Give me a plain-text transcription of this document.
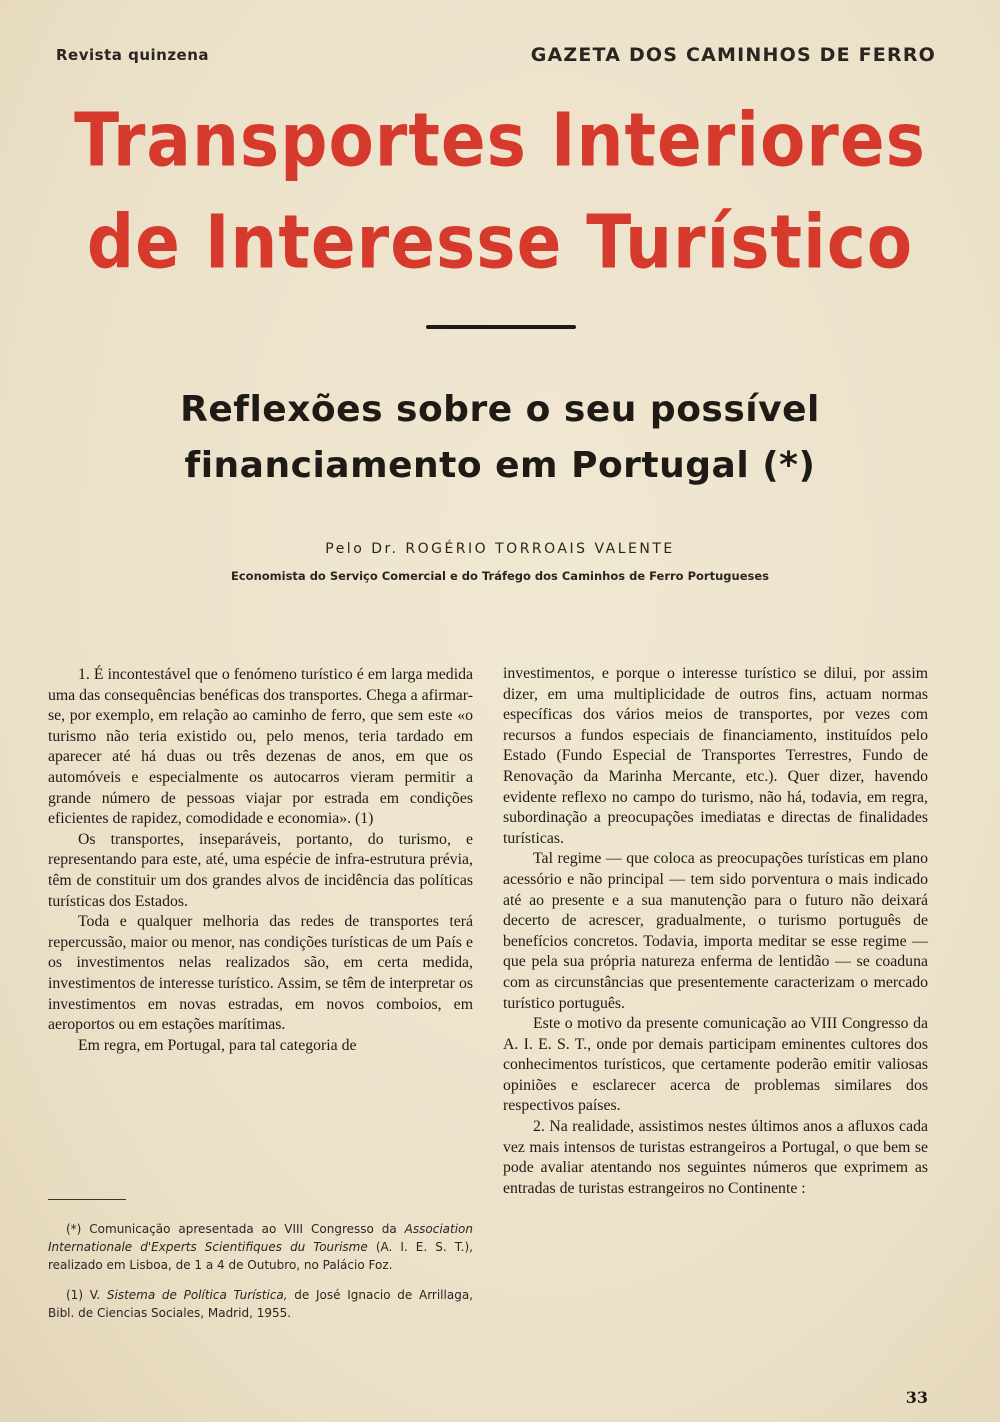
Revista quinzena	GAZETA DOS CAMINHOS DE FERRO
Transportes Interiores
de Interesse Turístico
Reflexões sobre o seu possível
financiamento em Portugal (*)
Pelo Dr. ROGÉRIO TORROAIS VALENTE
Economista do Serviço Comercial e do Tráfego dos Caminhos de Ferro Portugueses

1. É incontestável que o fenómeno turístico é em larga medida uma das consequências benéficas dos transportes. Chega a afirmar-se, por exemplo, em relação ao caminho de ferro, que sem este «o turismo não teria existido ou, pelo menos, teria tardado em aparecer até há duas ou três dezenas de anos, em que os automóveis e especialmente os autocarros vieram permitir a grande número de pessoas viajar por estrada em condições eficientes de rapidez, comodidade e economia». (1)

Os transportes, inseparáveis, portanto, do turismo, e representando para este, até, uma espécie de infra-estrutura prévia, têm de constituir um dos grandes alvos de incidência das políticas turísticas dos Estados.

Toda e qualquer melhoria das redes de transportes terá repercussão, maior ou menor, nas condições turísticas de um País e os investimentos nelas realizados são, em certa medida, investimentos de interesse turístico. Assim, se têm de interpretar os investimentos em novas estradas, em novos comboios, em aeroportos ou em estações marítimas.

Em regra, em Portugal, para tal categoria de

investimentos, e porque o interesse turístico se dilui, por assim dizer, em uma multiplicidade de outros fins, actuam normas específicas dos vários meios de transportes, por vezes com recursos a fundos especiais de financiamento, instituídos pelo Estado (Fundo Especial de Transportes Terrestres, Fundo de Renovação da Marinha Mercante, etc.). Quer dizer, havendo evidente reflexo no campo do turismo, não há, todavia, em regra, subordinação a preocupações imediatas e directas de finalidades turísticas.

Tal regime — que coloca as preocupações turísticas em plano acessório e não principal — tem sido porventura o mais indicado até ao presente e a sua manutenção para o futuro não deixará decerto de acrescer, gradualmente, o turismo português de benefícios concretos. Todavia, importa meditar se esse regime — que pela sua própria natureza enferma de lentidão — se coaduna com as circunstâncias que presentemente caracterizam o mercado turístico português.

Este o motivo da presente comunicação ao VIII Congresso da A. I. E. S. T., onde por demais participam eminentes cultores dos conhecimentos turísticos, que certamente poderão emitir valiosas opiniões e esclarecer acerca de problemas similares dos respectivos países.

2. Na realidade, assistimos nestes últimos anos a afluxos cada vez mais intensos de turistas estrangeiros a Portugal, o que bem se pode avaliar atentando nos seguintes números que exprimem as entradas de turistas estrangeiros no Continente :

(*) Comunicação apresentada ao VIII Congresso da Association Internationale d'Experts Scientifiques du Tourisme (A. I. E. S. T.), realizado em Lisboa, de 1 a 4 de Outubro, no Palácio Foz.

(1) V. Sistema de Política Turística, de José Ignacio de Arrillaga, Bibl. de Ciencias Sociales, Madrid, 1955.

33
